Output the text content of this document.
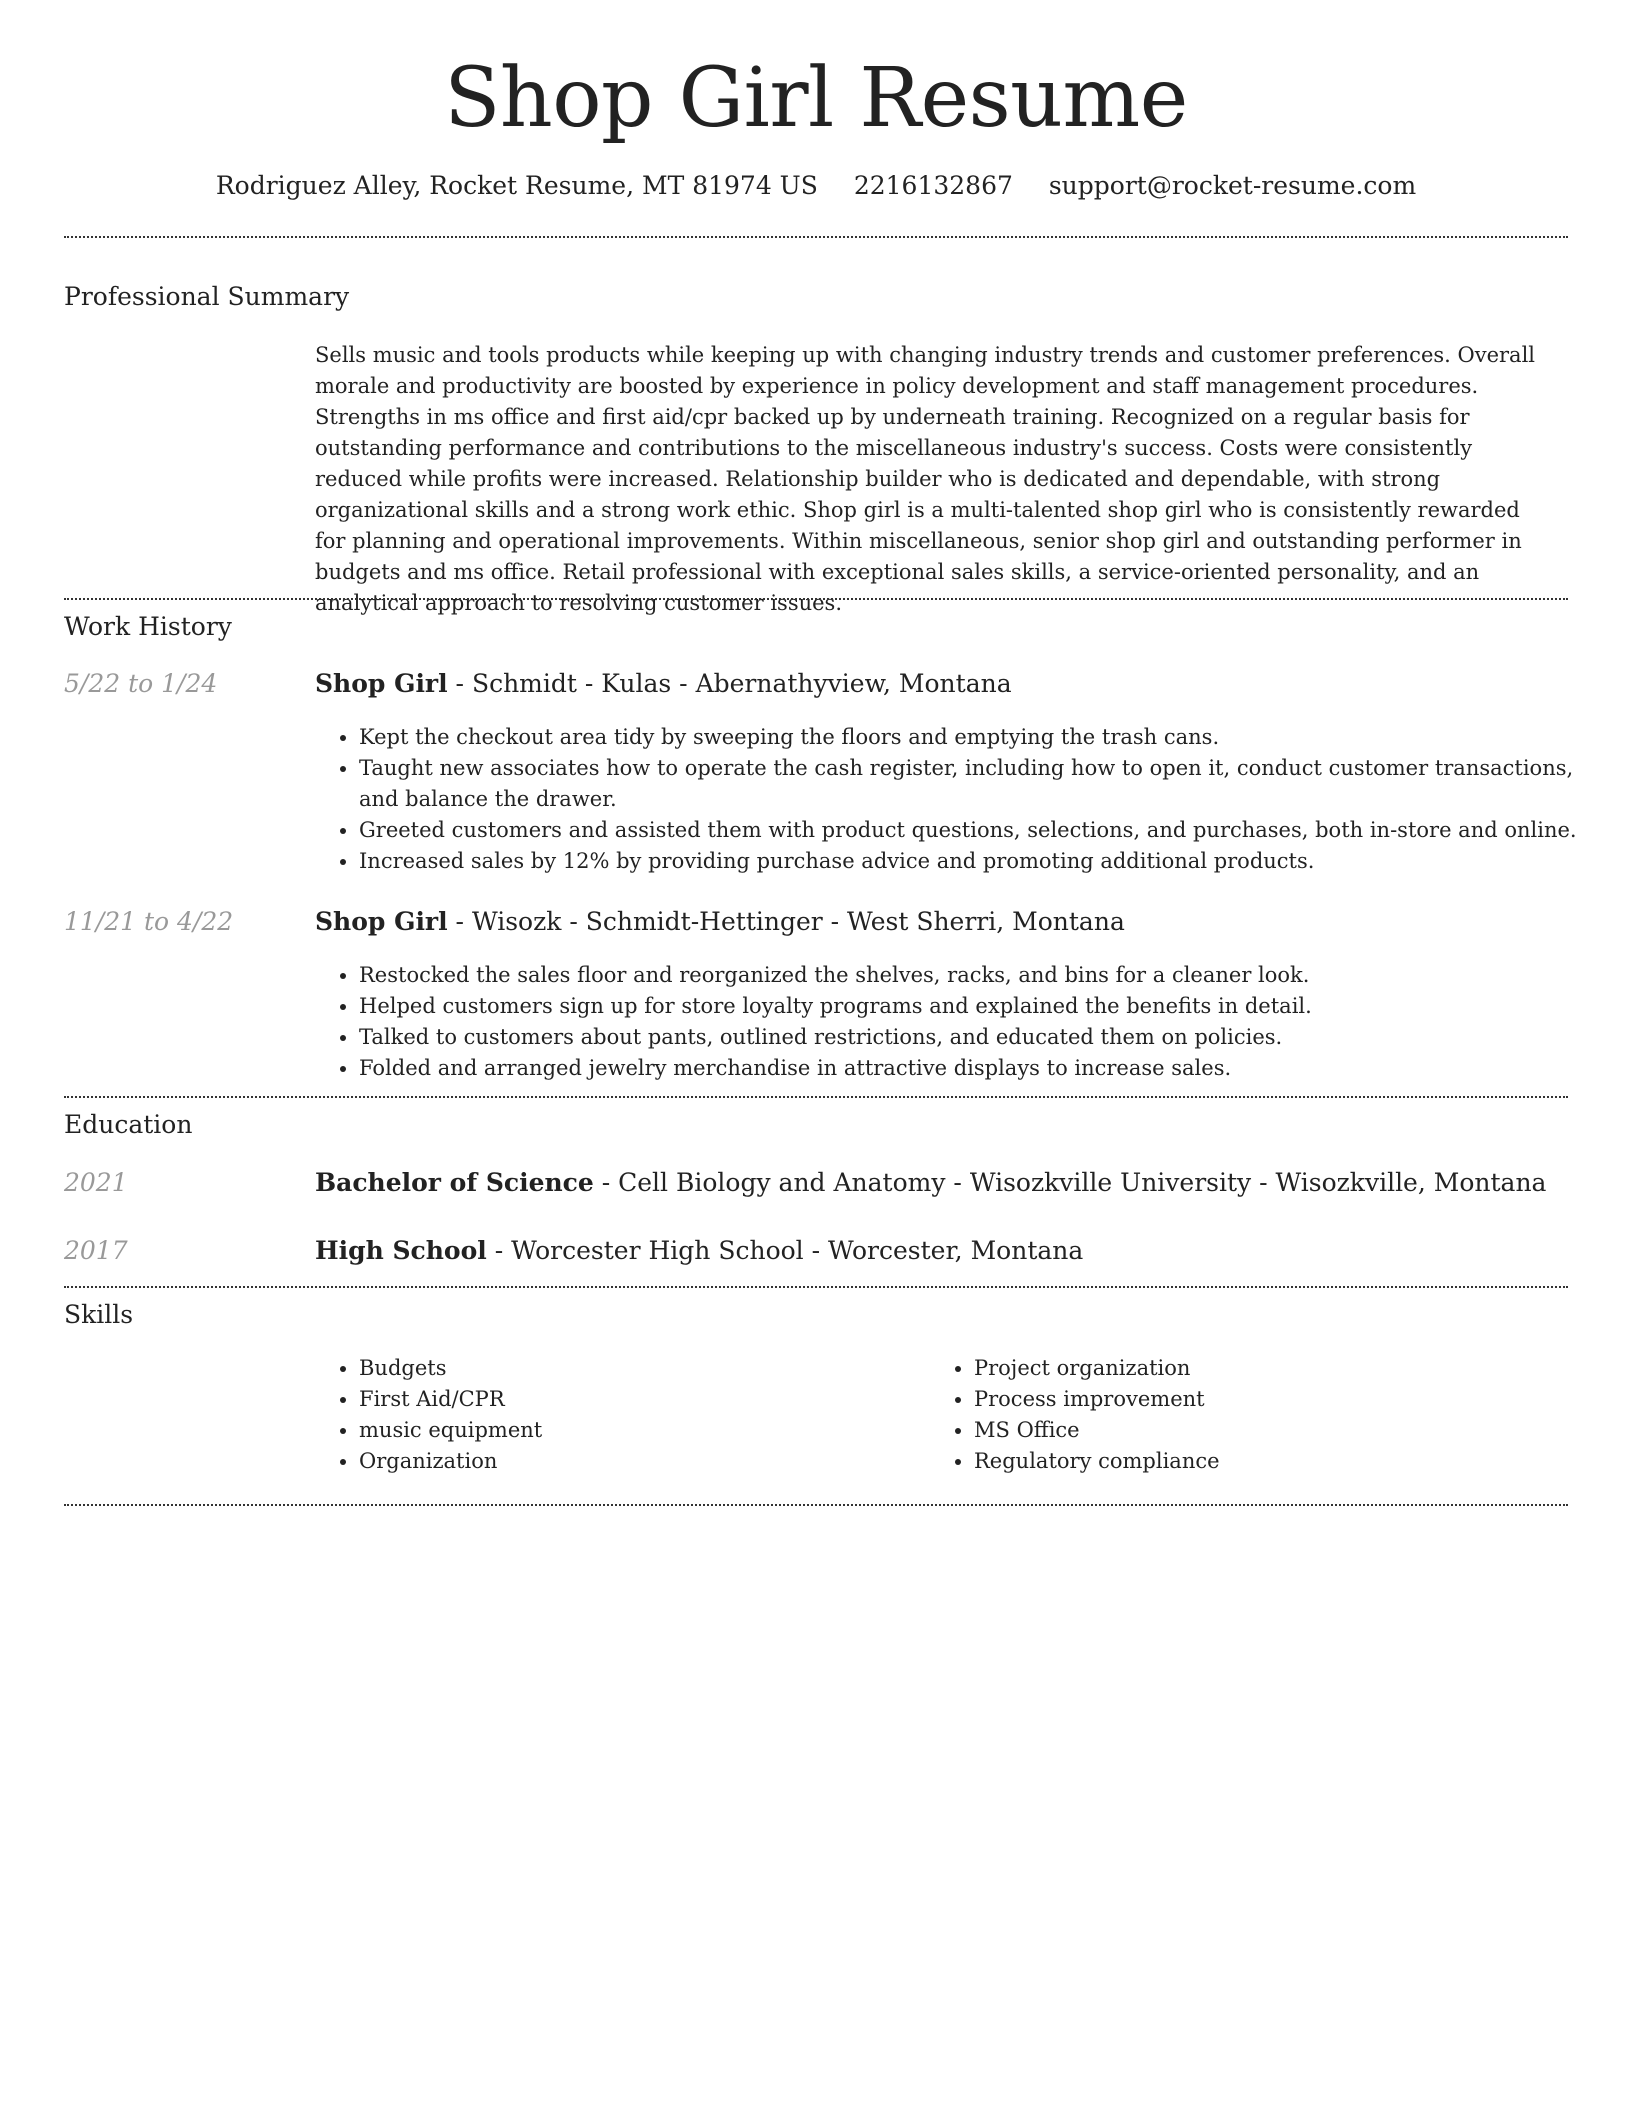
Shop Girl Resume
Rodriguez Alley, Rocket Resume, MT 81974 US 2216132867 support@rocket-resume.com
Professional Summary

Sells music and tools products while keeping up with changing industry trends and customer preferences. Overall morale and productivity are boosted by experience in policy development and staff management procedures. Strengths in ms office and first aid/cpr backed up by underneath training. Recognized on a regular basis for outstanding performance and contributions to the miscellaneous industry's success. Costs were consistently reduced while profits were increased. Relationship builder who is dedicated and dependable, with strong organizational skills and a strong work ethic. Shop girl is a multi-talented shop girl who is consistently rewarded for planning and operational improvements. Within miscellaneous, senior shop girl and outstanding performer in budgets and ms office. Retail professional with exceptional sales skills, a service-oriented personality, and an analytical approach to resolving customer issues.

Work History
5/22 to 1/24	Shop Girl - Schmidt - Kulas - Abernathyview, Montana
• Kept the checkout area tidy by sweeping the floors and emptying the trash cans.
• Taught new associates how to operate the cash register, including how to open it, conduct customer transactions, and balance the drawer.
• Greeted customers and assisted them with product questions, selections, and purchases, both in-store and online.
• Increased sales by 12% by providing purchase advice and promoting additional products.
11/21 to 4/22	Shop Girl - Wisozk - Schmidt-Hettinger - West Sherri, Montana
• Restocked the sales floor and reorganized the shelves, racks, and bins for a cleaner look.
• Helped customers sign up for store loyalty programs and explained the benefits in detail.
• Talked to customers about pants, outlined restrictions, and educated them on policies.
• Folded and arranged jewelry merchandise in attractive displays to increase sales.
Education
2021	Bachelor of Science - Cell Biology and Anatomy - Wisozkville University - Wisozkville, Montana
2017	High School - Worcester High School - Worcester, Montana
Skills
• Budgets
• First Aid/CPR
• music equipment
• Organization
• Project organization
• Process improvement
• MS Office
• Regulatory compliance
